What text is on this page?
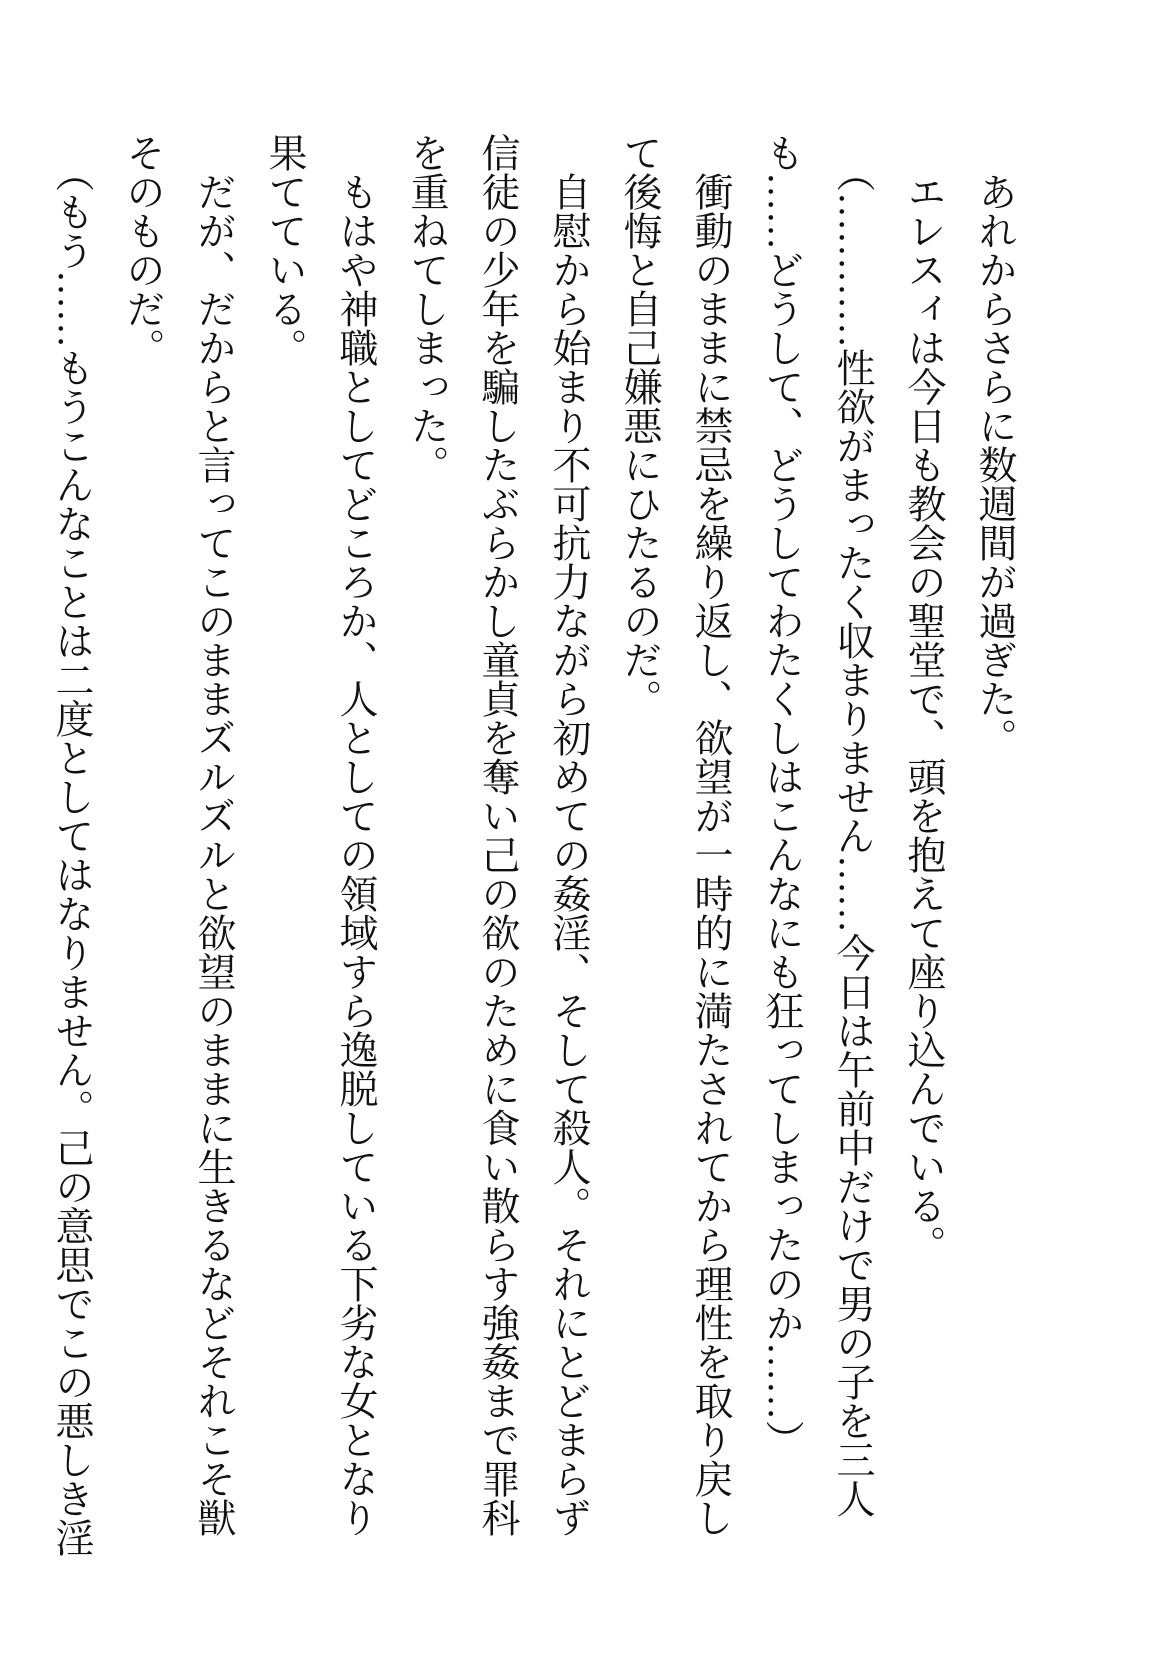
あれからさらに数週間が過ぎた。

エレスィは今日も教会の聖堂で、頭を抱えて座り込んでいる。

（…………性欲がまったく収まりません……今日は午前中だけで男の子を三人も……どうして、どうしてわたくしはこんなにも狂ってしまったのか……）

衝動のままに禁忌を繰り返し、欲望が一時的に満たされてから理性を取り戻して後悔と自己嫌悪にひたるのだ。

自慰から始まり不可抗力ながら初めての姦淫、そして殺人。それにとどまらず信徒の少年を騙したぶらかし童貞を奪い己の欲のために食い散らす強姦まで罪科を重ねてしまった。

もはや神職としてどころか、人としての領域すら逸脱している下劣な女となり果てている。

だが、だからと言ってこのままズルズルと欲望のままに生きるなどそれこそ獣そのものだ。

（もう……もうこんなことは二度としてはなりません。己の意思でこの悪しき淫
